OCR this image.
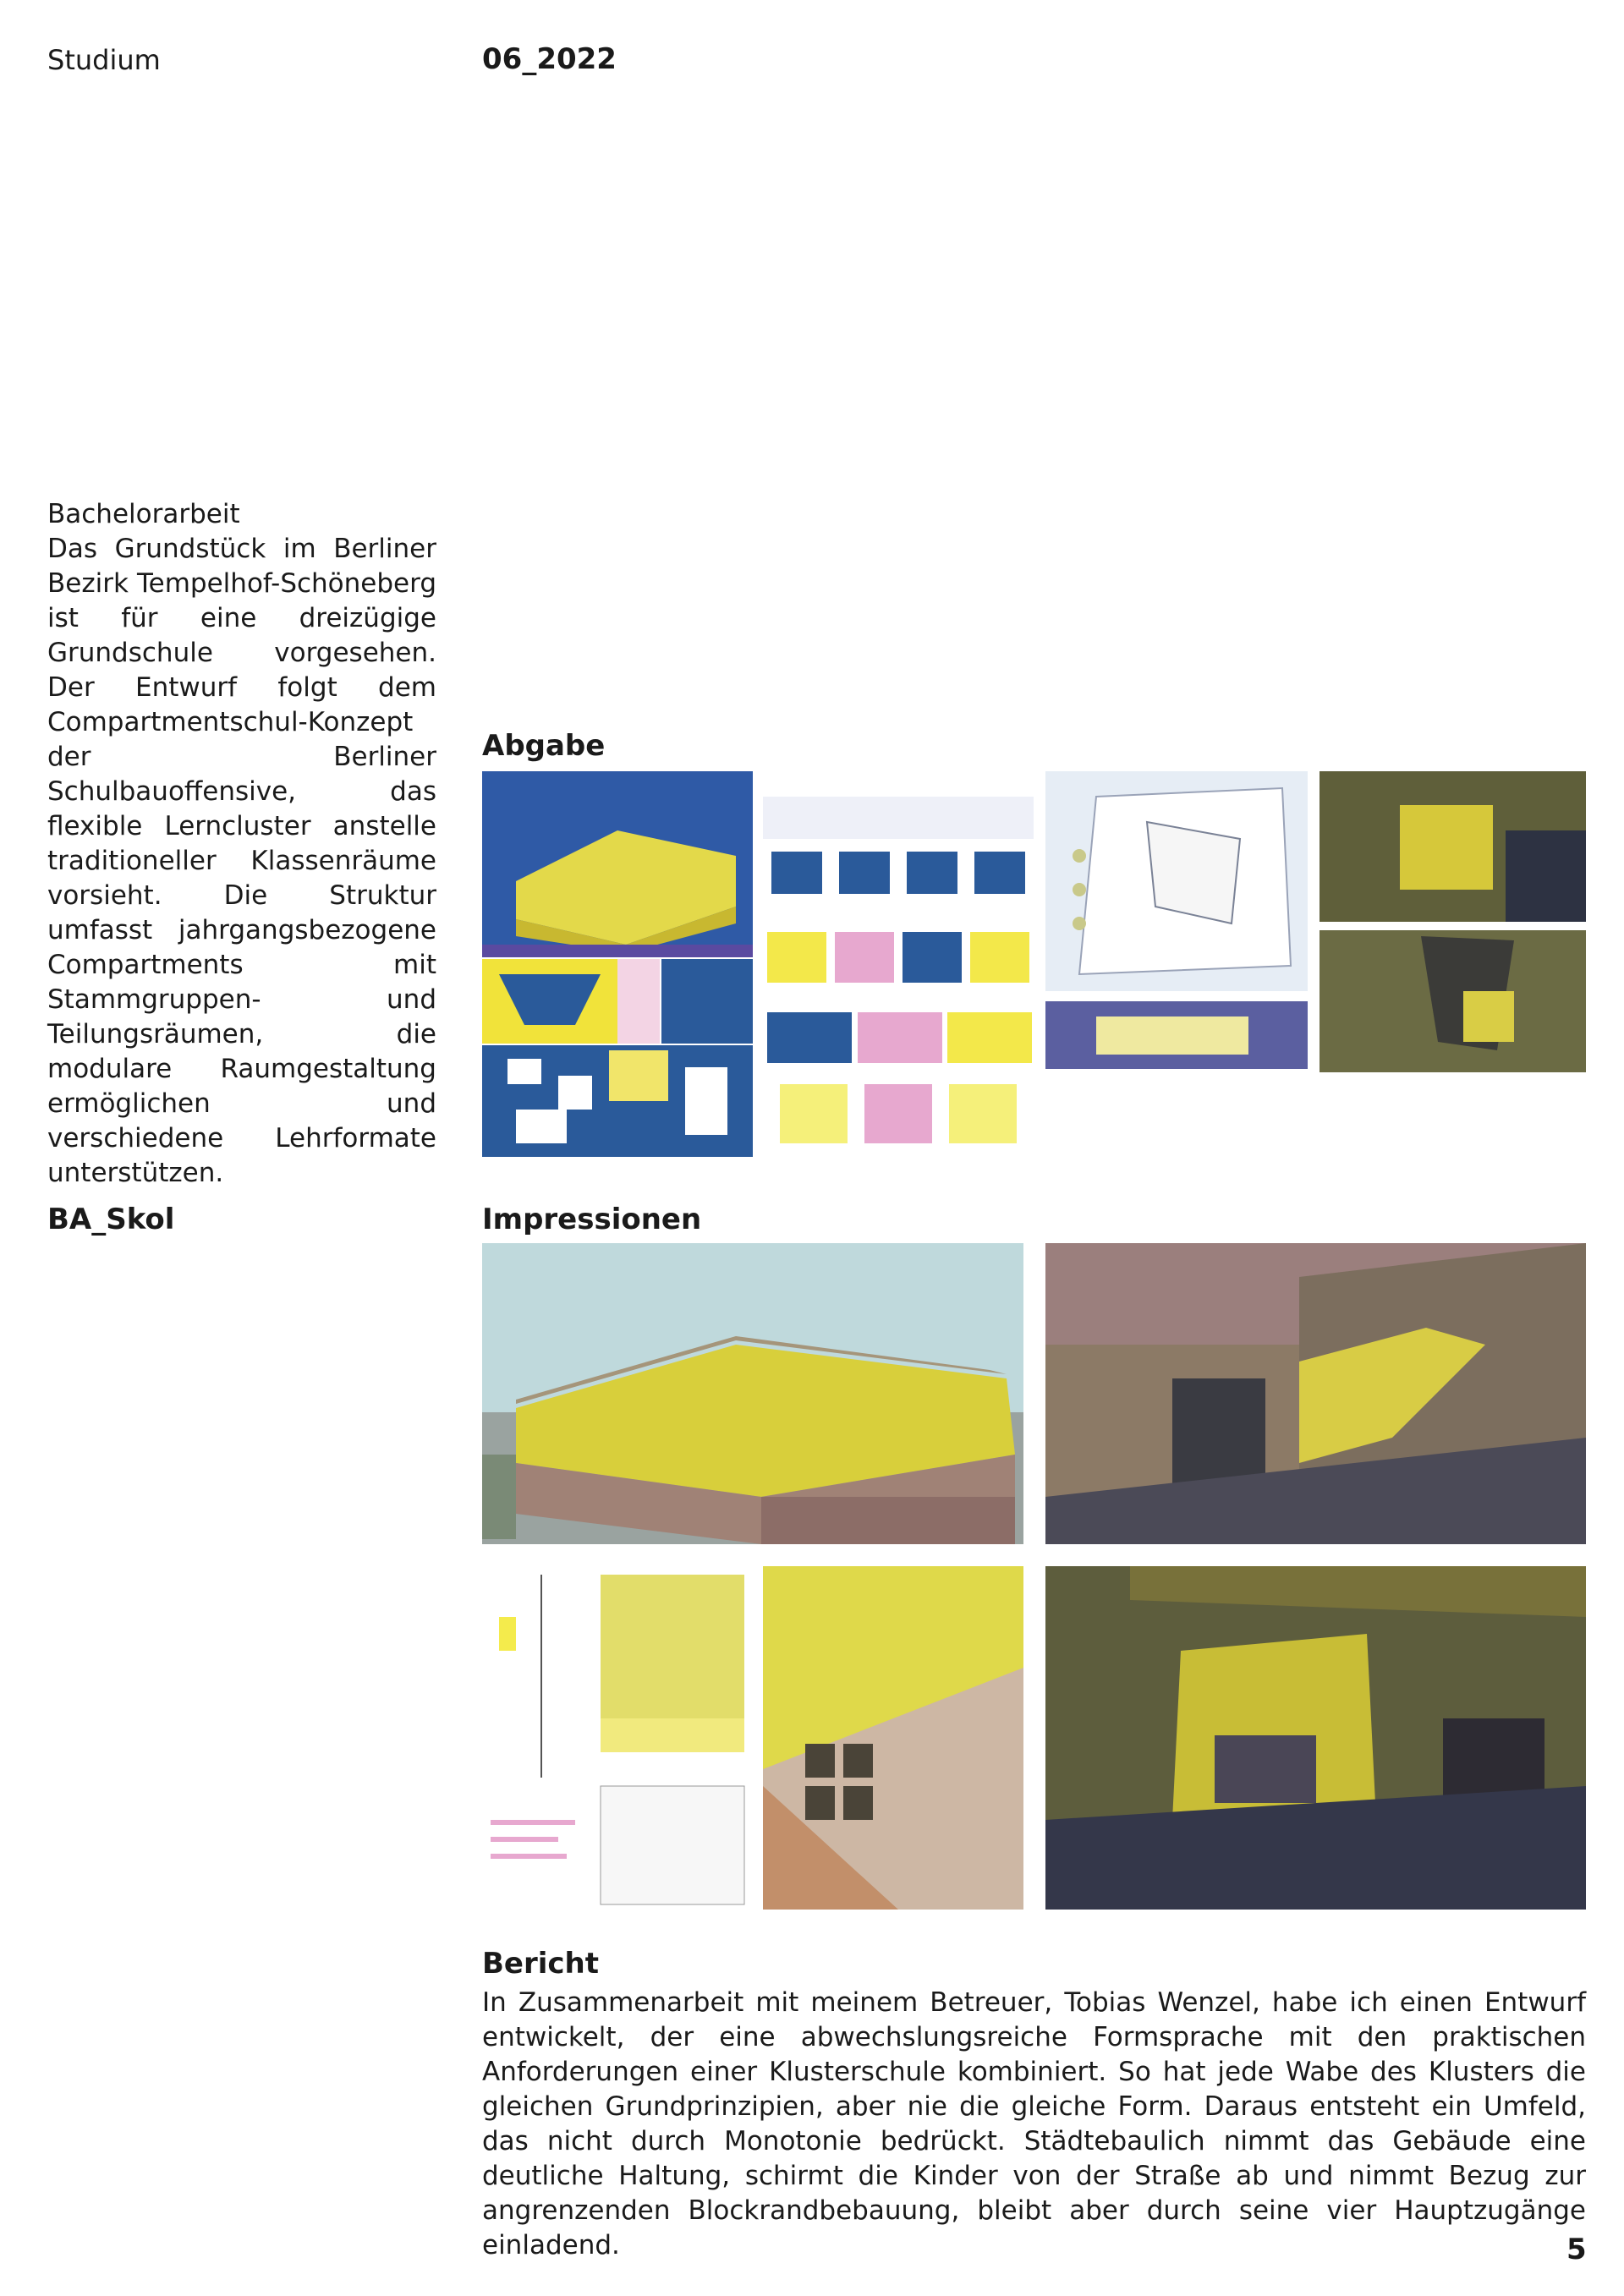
Studium	06_2022

Bachelorarbeit

Das Grundstück im Berliner Bezirk Tempelhof-Schöneberg ist für eine dreizügige Grundschule vorgesehen. Der Entwurf folgt dem Compartmentschul-Konzept der Berliner Schulbauoffensive, das flexible Lerncluster anstelle traditioneller Klassenräume vorsieht. Die Struktur umfasst jahrgangsbezogene Compartments mit Stammgruppen- und Teilungsräumen, die modulare Raumgestaltung ermöglichen und verschiedene Lehrformate unterstützen.

BA_Skol
Abgabe
Impressionen
Bericht
In Zusammenarbeit mit meinem Betreuer, Tobias Wenzel, habe ich einen Entwurf entwickelt, der eine abwechslungsreiche Formsprache mit den praktischen Anforderungen einer Klusterschule kombiniert. So hat jede Wabe des Klusters die gleichen Grundprinzipien, aber nie die gleiche Form. Daraus entsteht ein Umfeld, das nicht durch Monotonie bedrückt. Städtebaulich nimmt das Gebäude eine deutliche Haltung, schirmt die Kinder von der Straße ab und nimmt Bezug zur angrenzenden Blockrandbebauung, bleibt aber durch seine vier Hauptzugänge einladend.	5
